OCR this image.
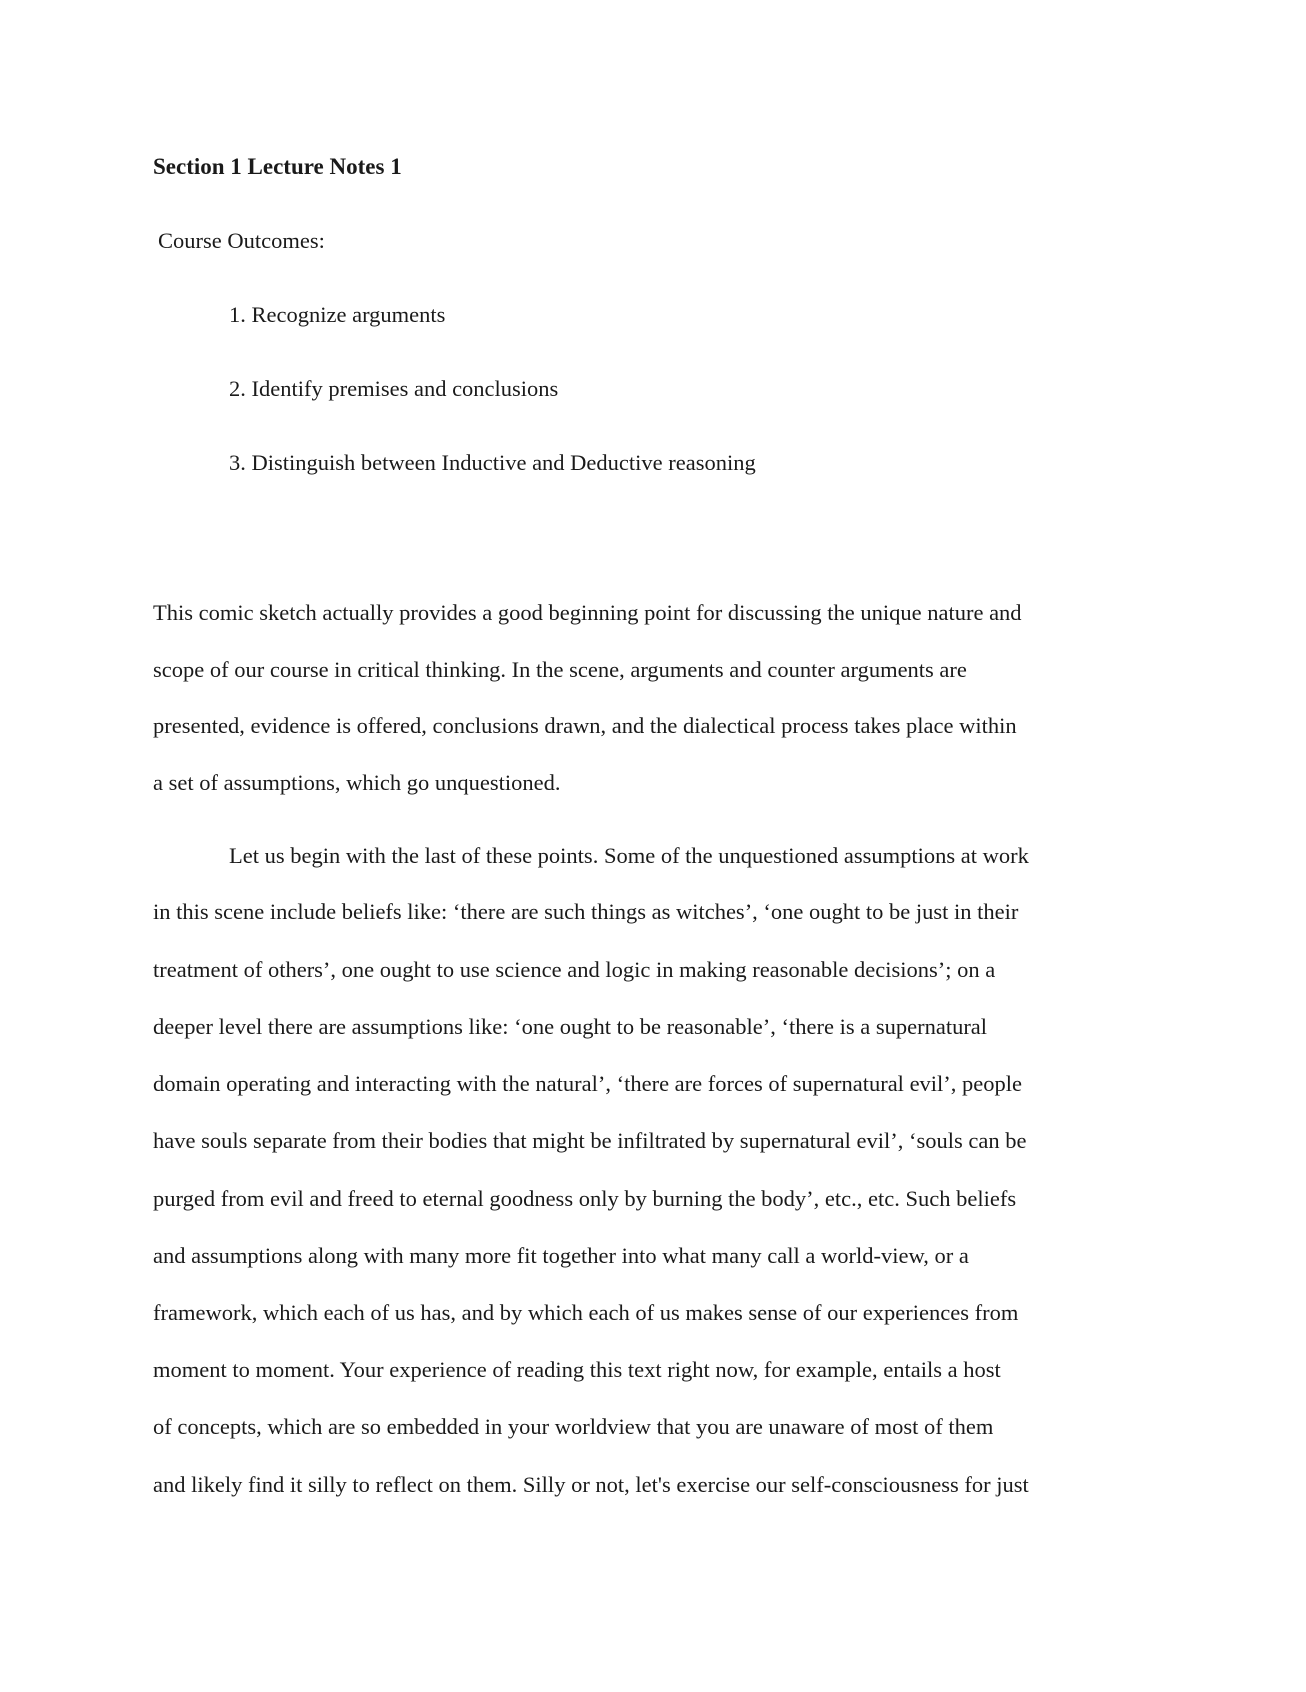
Section 1 Lecture Notes 1
Course Outcomes:
1. Recognize arguments
2. Identify premises and conclusions
3. Distinguish between Inductive and Deductive reasoning
This comic sketch actually provides a good beginning point for discussing the unique nature and
scope of our course in critical thinking. In the scene, arguments and counter arguments are
presented, evidence is offered, conclusions drawn, and the dialectical process takes place within
a set of assumptions, which go unquestioned.
Let us begin with the last of these points. Some of the unquestioned assumptions at work
in this scene include beliefs like: ‘there are such things as witches’, ‘one ought to be just in their
treatment of others’, one ought to use science and logic in making reasonable decisions’; on a
deeper level there are assumptions like: ‘one ought to be reasonable’, ‘there is a supernatural
domain operating and interacting with the natural’, ‘there are forces of supernatural evil’, people
have souls separate from their bodies that might be infiltrated by supernatural evil’, ‘souls can be
purged from evil and freed to eternal goodness only by burning the body’, etc., etc. Such beliefs
and assumptions along with many more fit together into what many call a world-view, or a
framework, which each of us has, and by which each of us makes sense of our experiences from
moment to moment. Your experience of reading this text right now, for example, entails a host
of concepts, which are so embedded in your worldview that you are unaware of most of them
and likely find it silly to reflect on them. Silly or not, let's exercise our self-consciousness for just
